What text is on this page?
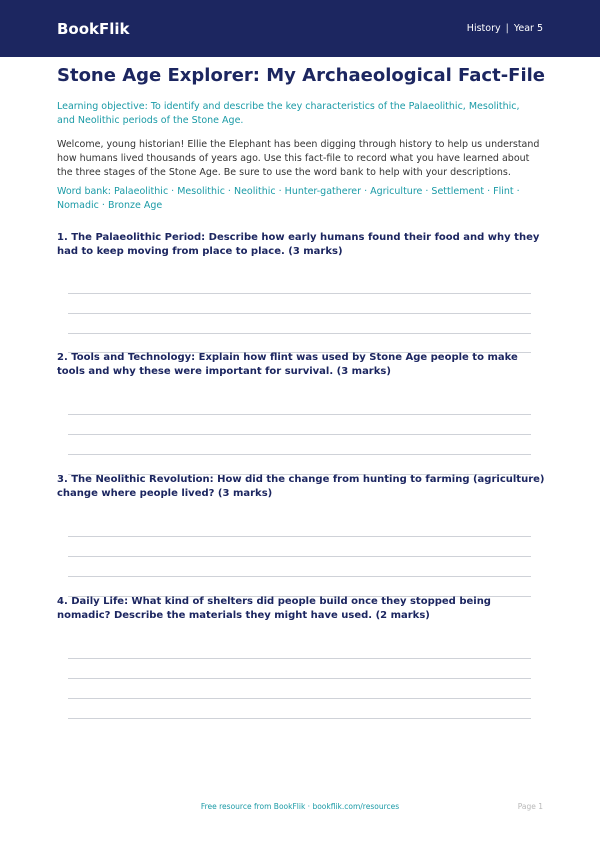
BookFlik	History | Year 5
Stone Age Explorer: My Archaeological Fact-File

Learning objective: To identify and describe the key characteristics of the Palaeolithic, Mesolithic, and Neolithic periods of the Stone Age.

Welcome, young historian! Ellie the Elephant has been digging through history to help us understand how humans lived thousands of years ago. Use this fact-file to record what you have learned about the three stages of the Stone Age. Be sure to use the word bank to help with your descriptions.

Word bank: Palaeolithic · Mesolithic · Neolithic · Hunter-gatherer · Agriculture · Settlement · Flint · Nomadic · Bronze Age

1. The Palaeolithic Period: Describe how early humans found their food and why they had to keep moving from place to place. (3 marks)

2. Tools and Technology: Explain how flint was used by Stone Age people to make tools and why these were important for survival. (3 marks)

3. The Neolithic Revolution: How did the change from hunting to farming (agriculture) change where people lived? (3 marks)

4. Daily Life: What kind of shelters did people build once they stopped being nomadic? Describe the materials they might have used. (2 marks)

Free resource from BookFlik · bookflik.com/resources	Page 1
